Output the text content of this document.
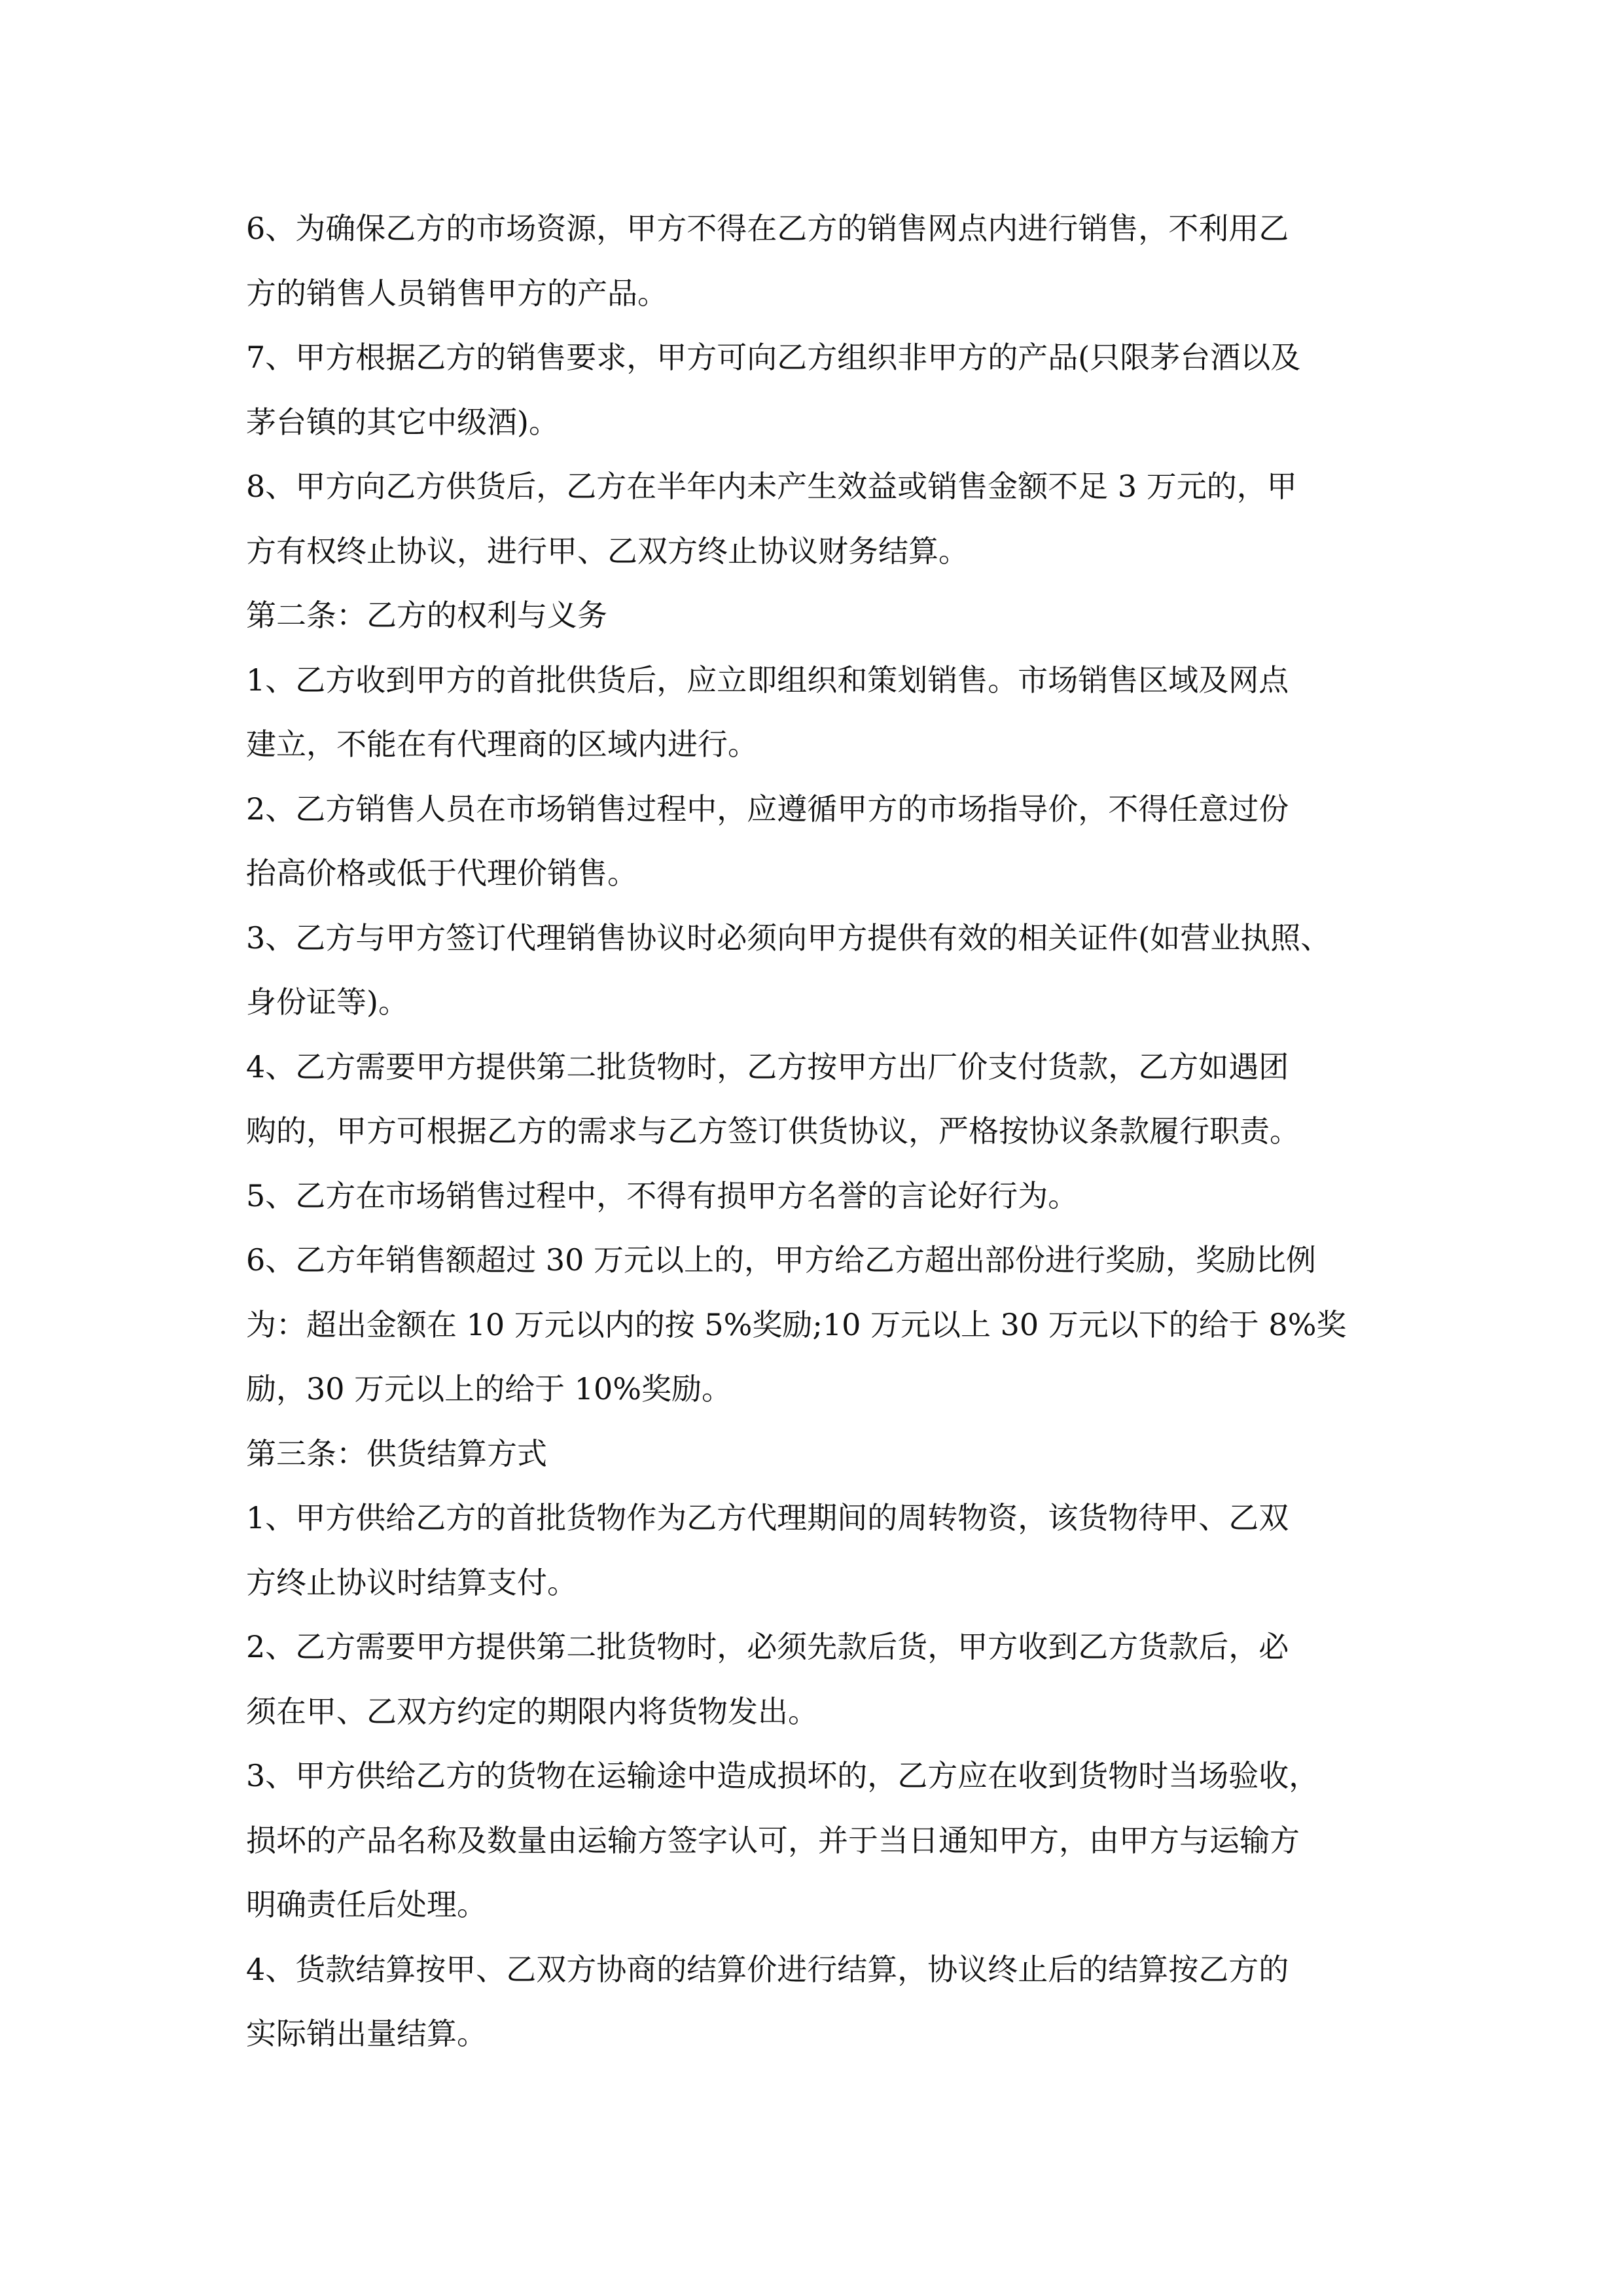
6、为确保乙方的市场资源，甲方不得在乙方的销售网点内进行销售，不利用乙
方的销售人员销售甲方的产品。
7、甲方根据乙方的销售要求，甲方可向乙方组织非甲方的产品(只限茅台酒以及
茅台镇的其它中级酒)。
8、甲方向乙方供货后，乙方在半年内未产生效益或销售金额不足 3 万元的，甲
方有权终止协议，进行甲、乙双方终止协议财务结算。
第二条：乙方的权利与义务
1、乙方收到甲方的首批供货后，应立即组织和策划销售。市场销售区域及网点
建立，不能在有代理商的区域内进行。
2、乙方销售人员在市场销售过程中，应遵循甲方的市场指导价，不得任意过份
抬高价格或低于代理价销售。
3、乙方与甲方签订代理销售协议时必须向甲方提供有效的相关证件(如营业执照、
身份证等)。
4、乙方需要甲方提供第二批货物时，乙方按甲方出厂价支付货款，乙方如遇团
购的，甲方可根据乙方的需求与乙方签订供货协议，严格按协议条款履行职责。
5、乙方在市场销售过程中，不得有损甲方名誉的言论好行为。
6、乙方年销售额超过 30 万元以上的，甲方给乙方超出部份进行奖励，奖励比例
为：超出金额在 10 万元以内的按 5%奖励;10 万元以上 30 万元以下的给于 8%奖
励，30 万元以上的给于 10%奖励。
第三条：供货结算方式
1、甲方供给乙方的首批货物作为乙方代理期间的周转物资，该货物待甲、乙双
方终止协议时结算支付。
2、乙方需要甲方提供第二批货物时，必须先款后货，甲方收到乙方货款后，必
须在甲、乙双方约定的期限内将货物发出。
3、甲方供给乙方的货物在运输途中造成损坏的，乙方应在收到货物时当场验收，
损坏的产品名称及数量由运输方签字认可，并于当日通知甲方，由甲方与运输方
明确责任后处理。
4、货款结算按甲、乙双方协商的结算价进行结算，协议终止后的结算按乙方的
实际销出量结算。
